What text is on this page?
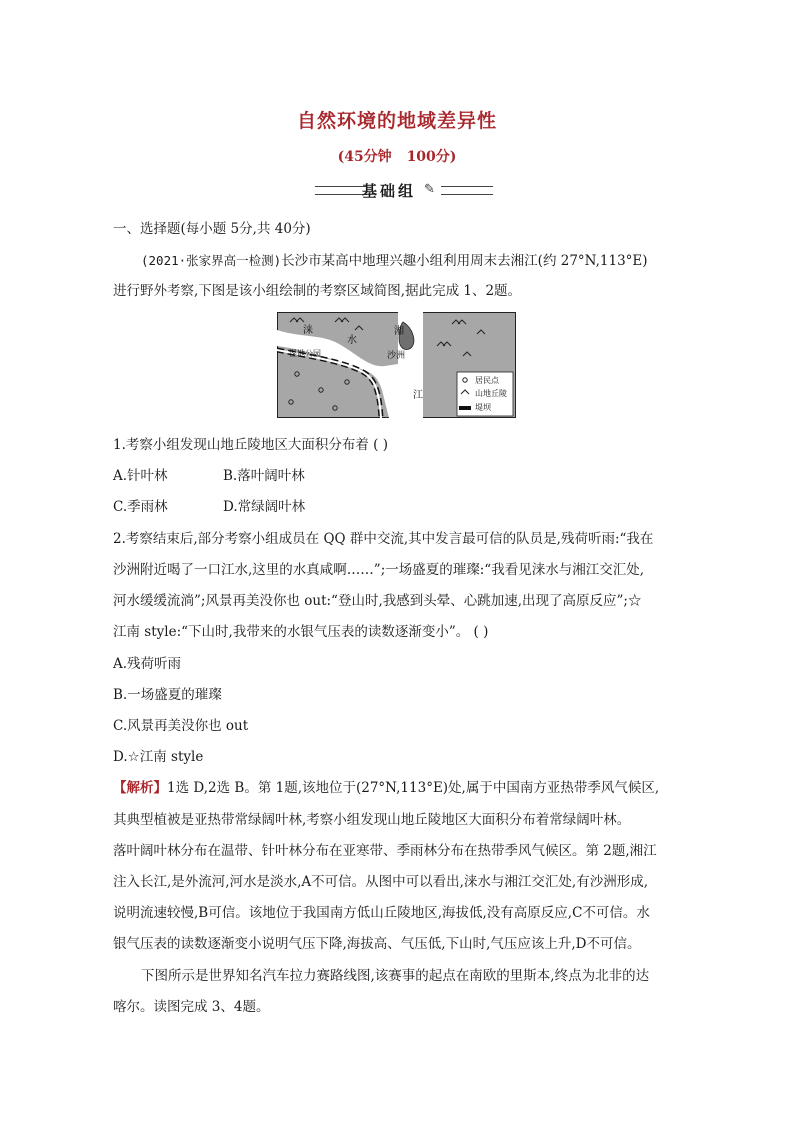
自然环境的地域差异性
(45分钟 100分)
基础组 ✎

一、选择题(每小题 5分,共 40分)

(2021·张家界高一检测)长沙市某高中地理兴趣小组利用周末去湘江(约 27°N,113°E)

进行野外考察,下图是该小组绘制的考察区域简图,据此完成 1、2题。

居民点
山地丘陵
堤坝
涞
水
湘
沙洲
江
湿地公园

1.考察小组发现山地丘陵地区大面积分布着 ( )

A.针叶林	B.落叶阔叶林

C.季雨林	D.常绿阔叶林

2.考察结束后,部分考察小组成员在 QQ 群中交流,其中发言最可信的队员是,残荷听雨:“我在

沙洲附近喝了一口江水,这里的水真咸啊……”;一场盛夏的璀璨:“我看见涞水与湘江交汇处,

河水缓缓流淌”;风景再美没你也 out:“登山时,我感到头晕、心跳加速,出现了高原反应”;☆

江南 style:“下山时,我带来的水银气压表的读数逐渐变小”。 ( )

A.残荷听雨

B.一场盛夏的璀璨

C.风景再美没你也 out

D.☆江南 style

【解析】1选 D,2选 B。第 1题,该地位于(27°N,113°E)处,属于中国南方亚热带季风气候区,

其典型植被是亚热带常绿阔叶林,考察小组发现山地丘陵地区大面积分布着常绿阔叶林。

落叶阔叶林分布在温带、针叶林分布在亚寒带、季雨林分布在热带季风气候区。第 2题,湘江

注入长江,是外流河,河水是淡水,A不可信。从图中可以看出,涞水与湘江交汇处,有沙洲形成,

说明流速较慢,B可信。该地位于我国南方低山丘陵地区,海拔低,没有高原反应,C不可信。水

银气压表的读数逐渐变小说明气压下降,海拔高、气压低,下山时,气压应该上升,D不可信。

下图所示是世界知名汽车拉力赛路线图,该赛事的起点在南欧的里斯本,终点为北非的达

喀尔。读图完成 3、4题。
